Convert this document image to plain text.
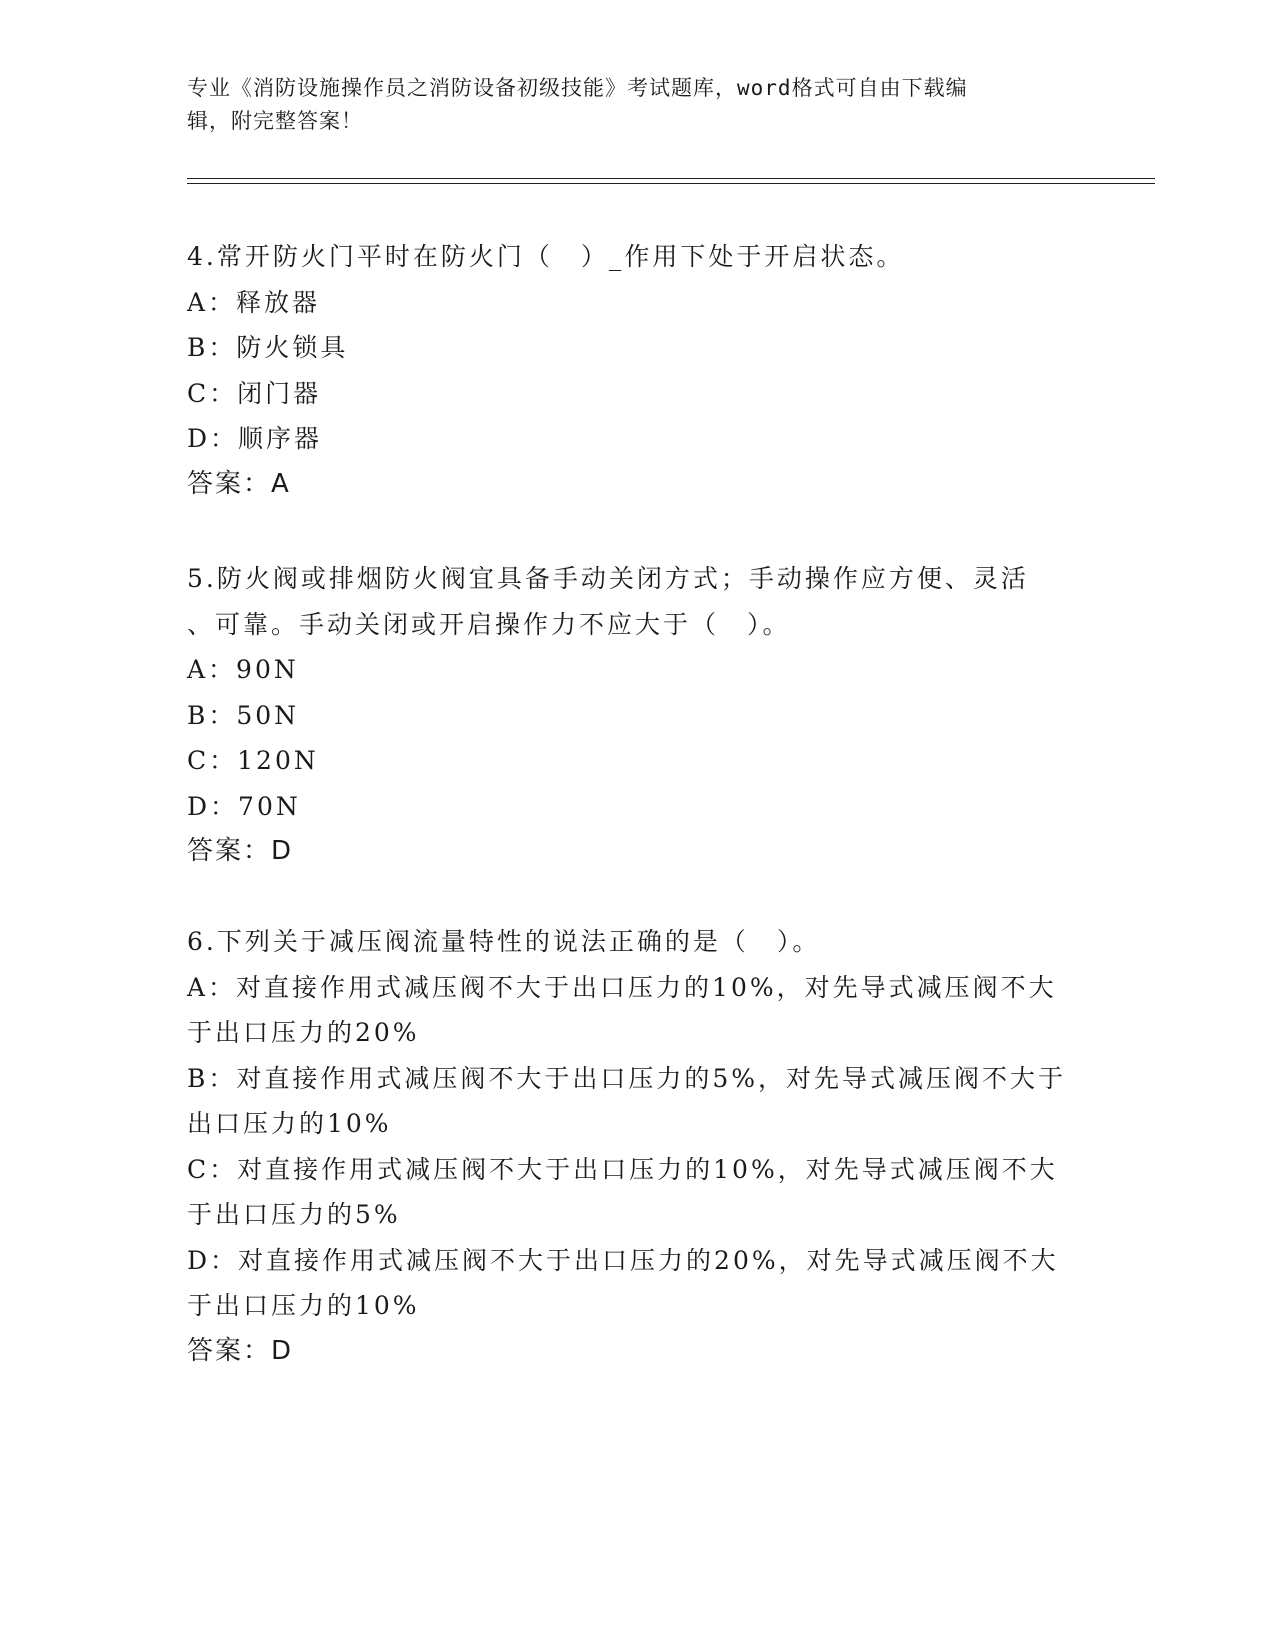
专业《消防设施操作员之消防设备初级技能》考试题库，word格式可自由下载编
辑，附完整答案！
4.常开防火门平时在防火门（　）_作用下处于开启状态。
A：释放器
B：防火锁具
C：闭门器
D：顺序器
答案：A
5.防火阀或排烟防火阀宜具备手动关闭方式；手动操作应方便、灵活
、可靠。手动关闭或开启操作力不应大于（　）。
A：90N
B：50N
C：120N
D：70N
答案：D
6.下列关于减压阀流量特性的说法正确的是（　）。
A：对直接作用式减压阀不大于出口压力的10%，对先导式减压阀不大
于出口压力的20%
B：对直接作用式减压阀不大于出口压力的5%，对先导式减压阀不大于
出口压力的10%
C：对直接作用式减压阀不大于出口压力的10%，对先导式减压阀不大
于出口压力的5%
D：对直接作用式减压阀不大于出口压力的20%，对先导式减压阀不大
于出口压力的10%
答案：D
